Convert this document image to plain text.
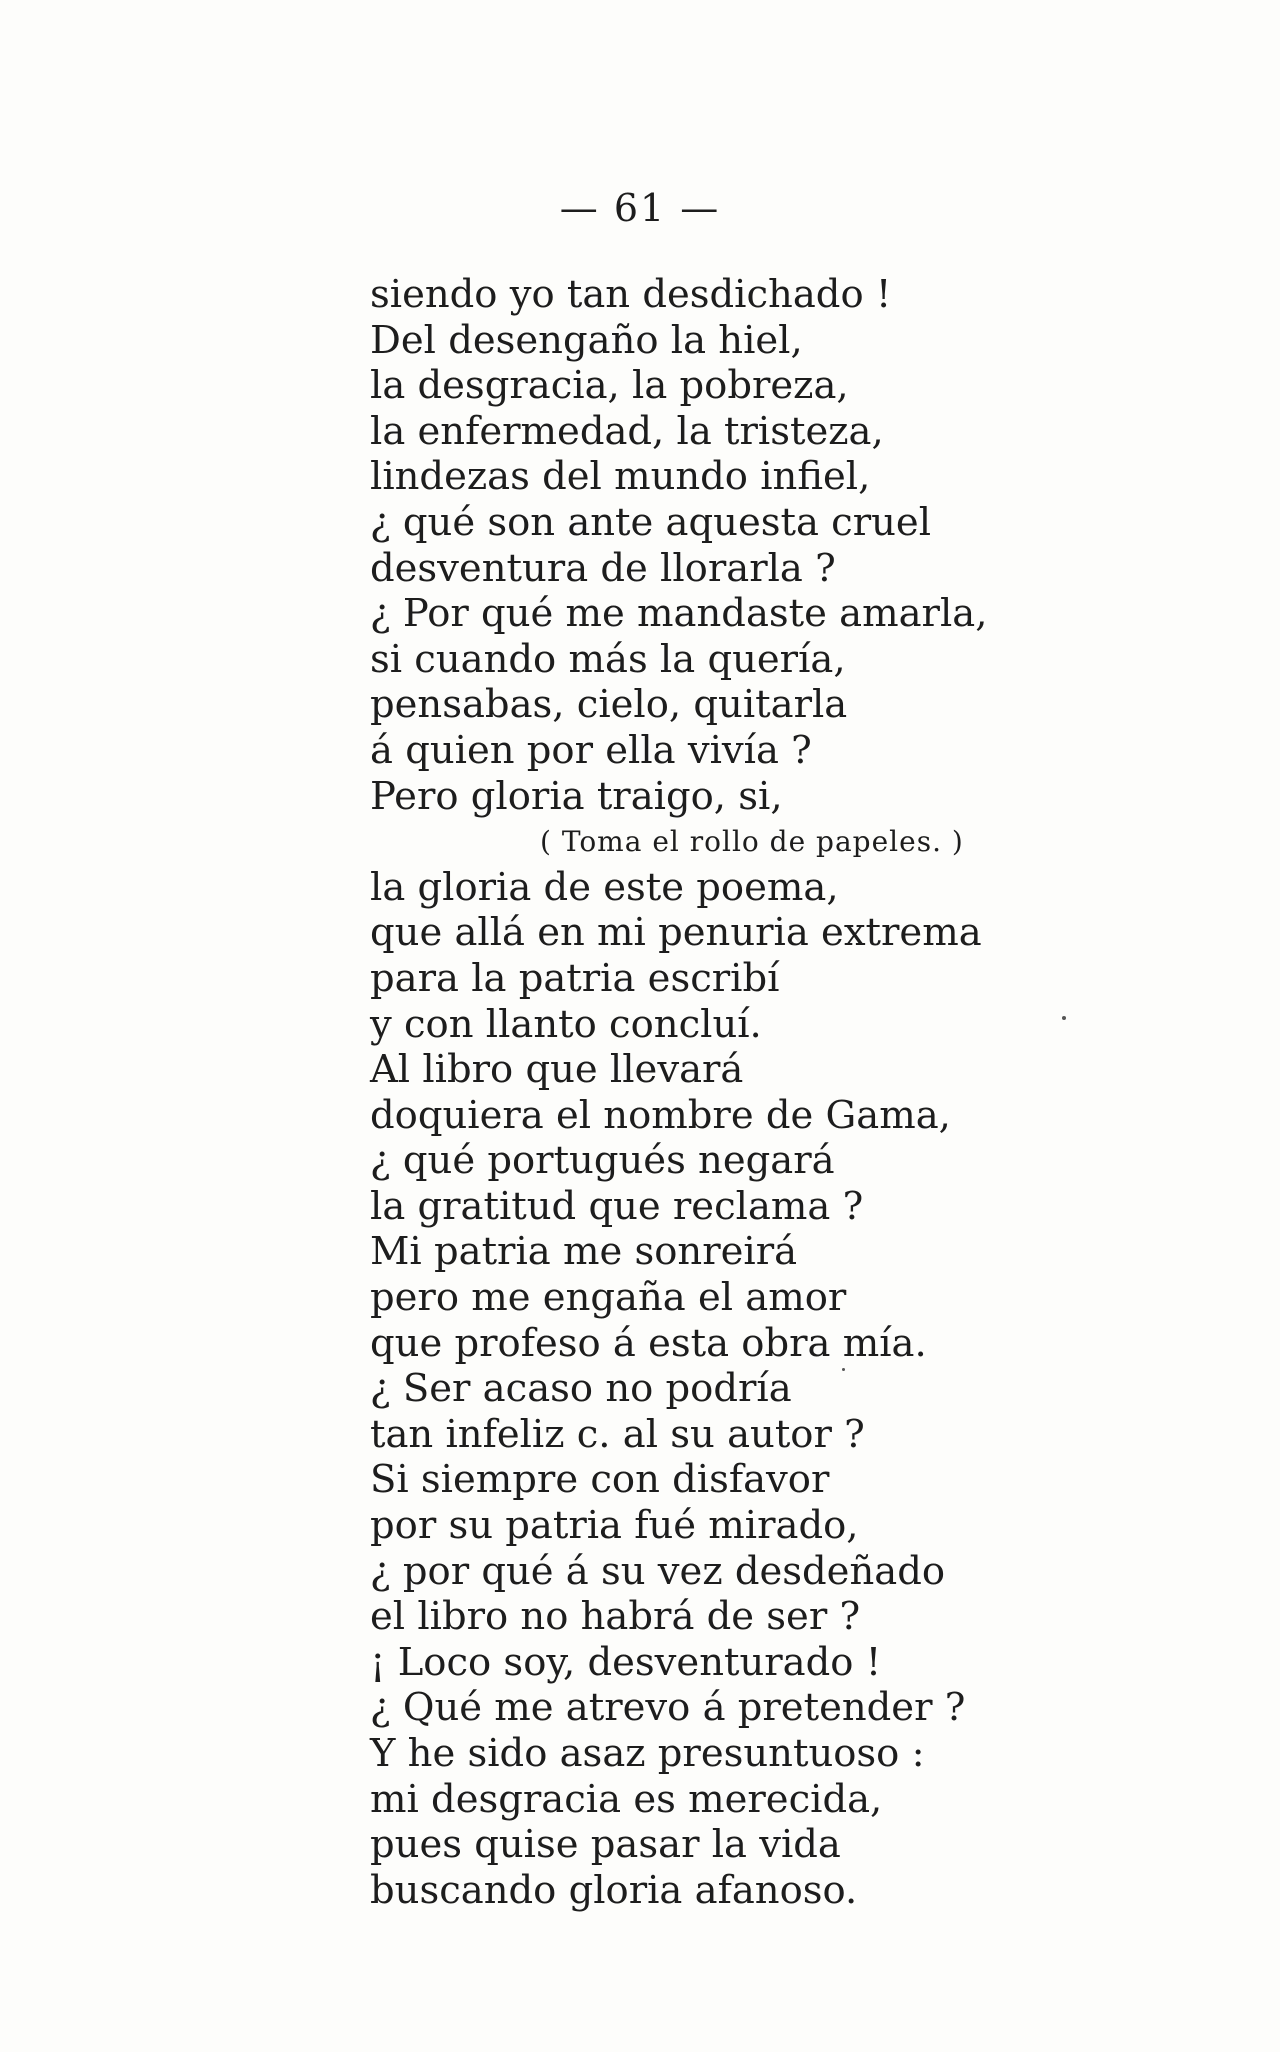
— 61 —
siendo yo tan desdichado !
Del desengaño la hiel,
la desgracia, la pobreza,
la enfermedad, la tristeza,
lindezas del mundo infiel,
¿ qué son ante aquesta cruel
desventura de llorarla ?
¿ Por qué me mandaste amarla,
si cuando más la quería,
pensabas, cielo, quitarla
á quien por ella vivía ?
Pero gloria traigo, si,
( Toma el rollo de papeles. )
la gloria de este poema,
que allá en mi penuria extrema
para la patria escribí
y con llanto concluí.
Al libro que llevará
doquiera el nombre de Gama,
¿ qué portugués negará
la gratitud que reclama ?
Mi patria me sonreirá
pero me engaña el amor
que profeso á esta obra mía.
¿ Ser acaso no podría
tan infeliz c. al su autor ?
Si siempre con disfavor
por su patria fué mirado,
¿ por qué á su vez desdeñado
el libro no habrá de ser ?
¡ Loco soy, desventurado !
¿ Qué me atrevo á pretender ?
Y he sido asaz presuntuoso :
mi desgracia es merecida,
pues quise pasar la vida
buscando gloria afanoso.
